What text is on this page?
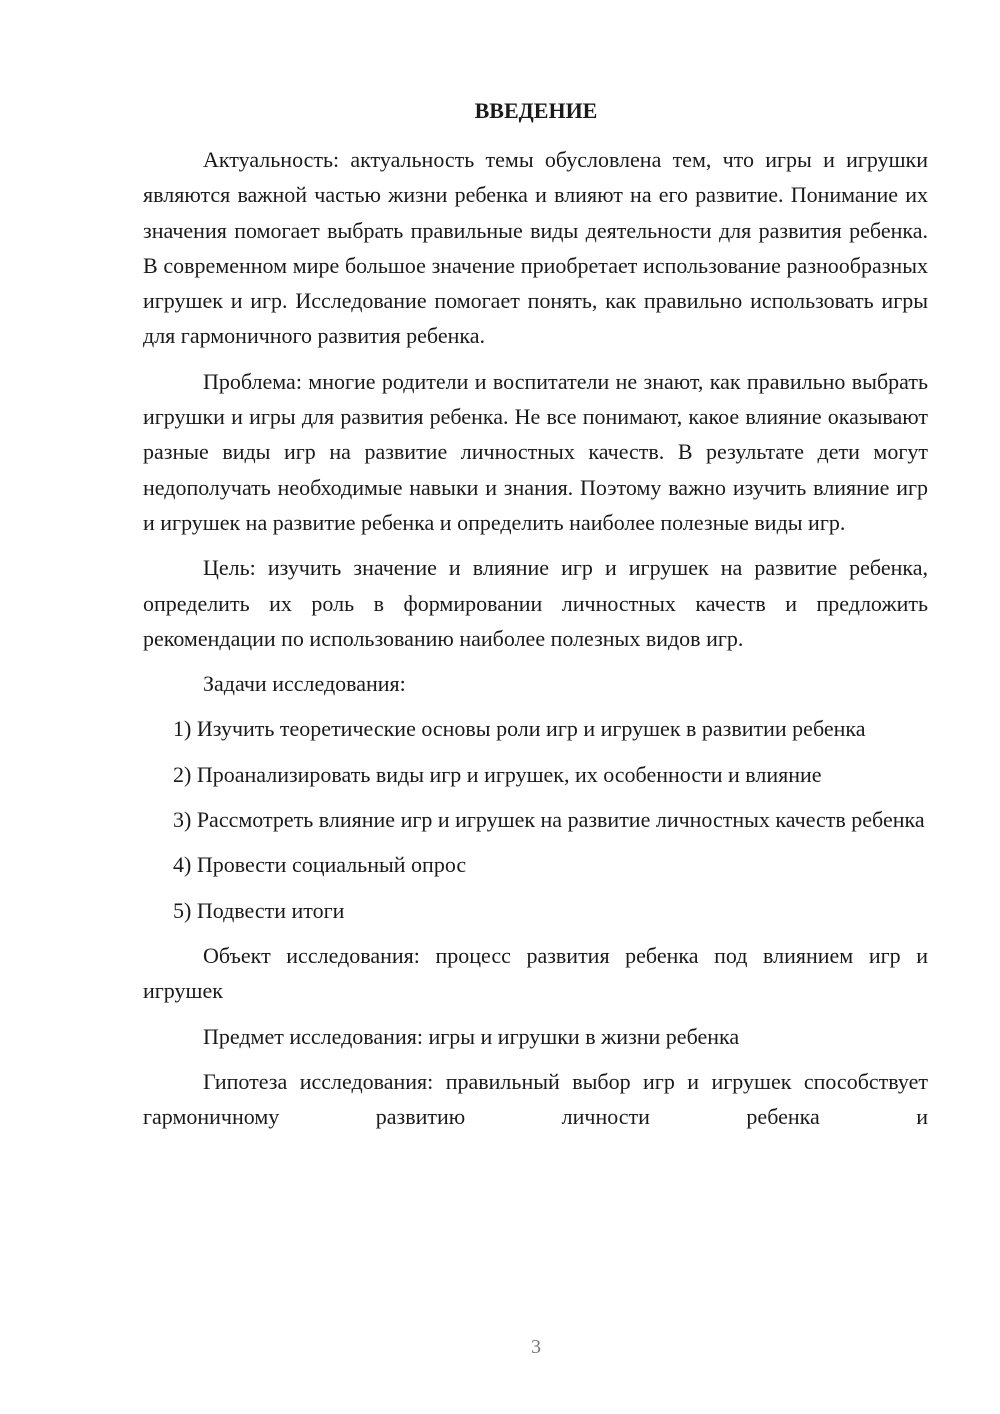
ВВЕДЕНИЕ

Актуальность: актуальность темы обусловлена тем, что игры и игрушки являются важной частью жизни ребенка и влияют на его развитие. Понимание их значения помогает выбрать правильные виды деятельности для развития ребенка. В современном мире большое значение приобретает использование разнообразных игрушек и игр. Исследование помогает понять, как правильно использовать игры для гармоничного развития ребенка.

Проблема: многие родители и воспитатели не знают, как правильно выбрать игрушки и игры для развития ребенка. Не все понимают, какое влияние оказывают разные виды игр на развитие личностных качеств. В результате дети могут недополучать необходимые навыки и знания. Поэтому важно изучить влияние игр и игрушек на развитие ребенка и определить наиболее полезные виды игр.

Цель: изучить значение и влияние игр и игрушек на развитие ребенка, определить их роль в формировании личностных качеств и предложить рекомендации по использованию наиболее полезных видов игр.

Задачи исследования:

1) Изучить теоретические основы роли игр и игрушек в развитии ребенка

2) Проанализировать виды игр и игрушек, их особенности и влияние

3) Рассмотреть влияние игр и игрушек на развитие личностных качеств ребенка

4) Провести социальный опрос

5) Подвести итоги

Объект исследования: процесс развития ребенка под влиянием игр и игрушек

Предмет исследования: игры и игрушки в жизни ребенка

Гипотеза исследования: правильный выбор игр и игрушек способствует гармоничному развитию личности ребенка и

3
